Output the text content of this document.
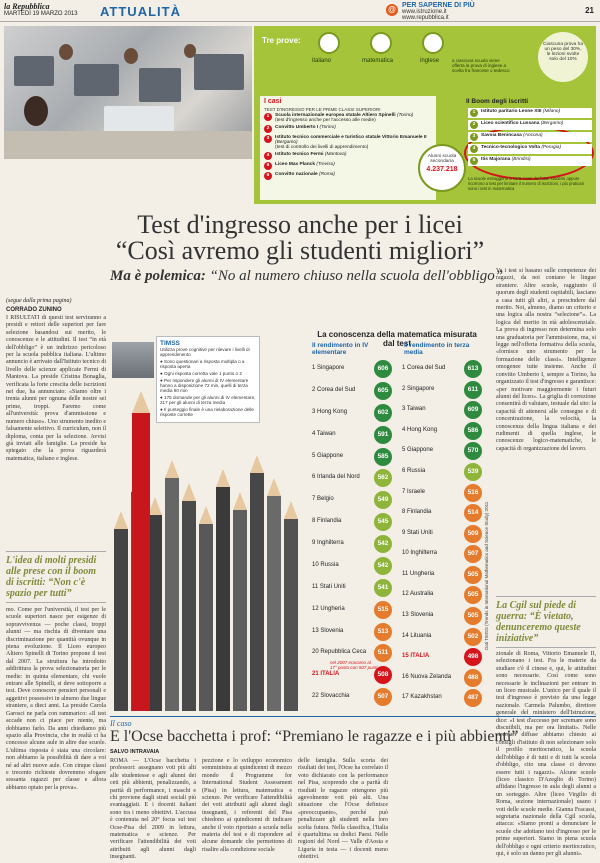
la Repubblica
MARTEDÌ 19 MARZO 2013 ATTUALITÀ	@ PER SAPERNE DI PIÙ
www.istruzione.it
www.repubblica.it
21
Tre prove:
italiano	matematica	inglese	a ciascuna scuola viene offerta la prova di inglese a scelta fra francese o tedesco
Ciascuna prova ha un peso del 30%, le lezioni svolte solo del 10%
I casi
TEST D'INGRESSO PER LE PRIME CLASSI SUPERIORI
1	Scuola internazionale europea statale Altiero Spinelli (Torino)
(test d'ingresso anche per l'accesso alle medie)
2	Convitto Umberto I (Torino)
3	Istituto tecnico commerciale e turistico statale Vittorio Emanuele II (Bergamo)
(test di controllo dei livelli di apprendimento)
4	Istituto tecnico Fermi (Mantova)
5	Liceo Max Planck (Treviso)
6	Convitto nazionale (Roma)
Il Boom degli iscritti
1	Istituto paritario Leone XIII (Milano)
2	Liceo scientifico Lussana (Bergamo)
3	Savoia Benincasa (Ancona)
4	Tecnico-tecnologico Volta (Perugia)
5	Itis Majorana (Brindisi)
La scuole estraggono a sorte nomi dei futuri studenti oppure ricorrono a test per limitare il numero di iscrizioni, i più praticati sono i test in matematica
Alunni scuola secondaria
4.237.218
Test d'ingresso anche per i licei
“Così avremo gli studenti migliori”
Ma è polemica: “No al numero chiuso nella scuola dell'obbligo”
(segue dalla prima pagina)
CORRADO ZUNINO
I RISULTATI di questi test serviranno a presidi e rettori delle superiori per fare selezione basandosi sui merito, le conoscenze e le attitudini. Il test “in età dell'obbligo” è un indirizzo pericoloso per la scuola pubblica italiana. L'ultimo annuncio è arrivato dall'Istituto tecnico di livello delle scienze applicate Fermi di Mantova. La preside Cristina Bonaglia, verificata la forte crescita delle iscrizioni nei due, ha annunciato: «Siamo oltre i trenta alunni per ognuna delle nostre sei prime, troppi. Faremo come all'università: prova d'ammissione e numero chiuso». Uno strumento inedito e falsamente selettivo. Il curriculum, non il diploma, conta per la selezione. Avvisi già inviati alle famiglie. La preside ha spiegato che la prova riguarderà matematica, italiano e inglese.
L'idea di molti presidi alle prese con il boom di iscritti: “Non c'è spazio per tutti”
mo. Come per l'università, il test per le scuole superiori nasce per esigenze di sopravvivenza — poche classi, troppi alunni — ma rischia di diventare una discriminazione per quantità ovunque in piena evoluzione. Il Liceo europeo Altiero Spinelli di Torino propone il test dal 2007. La struttura ha introdotto addirittura la prova selezionatoria per le medie: in quinta elementare, chi vuole entrare alle Spinelli, si deve sottoporre a test. Deve conoscere pensieri personali e aggettivi possessivi in almeno due lingue straniere, a dieci anni. La preside Carola Garosci ne parla con rammarico: «Il test accade non ci piace per niente, ma dobbiamo farlo. Da anni chiediamo più spazio alla Provincia, che in realtà ci ha concesso alcune aule in altre due scuole. L'ultima risposta è stata una circolare: non abbiamo la possibilità di dare a voi né ad altri nuove aule. Con cinque classi e trecento richieste dovremmo sfogare sessanta ragazzi per classe e allora abbiamo optato per la prova».
TIMSS
Utilizza prove cognitive per rilevare i livelli di apprendimento
● Sono questionari a risposta multipla o a risposta aperta
● Ogni risposta corretta vale 1 punto o 2
● Per rispondere gli alunni di IV elementare hanno a disposizione 72 min, quelli di terza media 90 min
● 175 domande per gli alunni di IV elementare, 217 per gli alunni di terza media
● Il punteggio finale è una rielaborazione delle risposte corrette
La conoscenza della matematica misurata dal test
Il rendimento in IV elementare
Il rendimento in terza media
1 Singapore	606
2 Corea del Sud	605
3 Hong Kong	602
4 Taiwan	591
5 Giappone	585
6 Irlanda del Nord	562
7 Belgio	549
8 Finlandia	545
9 Inghilterra	542
10 Russia	542
11 Stati Uniti	541
12 Ungheria	515
13 Slovenia	513
20 Repubblica Ceca	511
21 ITALIA	508
22 Slovacchia	507
1 Corea del Sud	613
2 Singapore	611
3 Taiwan	609
4 Hong Kong	586
5 Giappone	570
6 Russia	539
7 Israele	516
8 Finlandia	514
9 Stati Uniti	509
10 Inghilterra	507
11 Ungheria	505
12 Australia	505
13 Slovenia	505
14 Lituania	502
15 ITALIA	498
16 Nuova Zelanda	488
17 Kazakhstan	487
nel 2007 eravamo al 17° posto con 507 punti
Dati TIMSS (Trends in International Mathematics and Science Study) 2011
Ve i test si basano sulle competenze dei ragazzi, da noi contano le lingue straniere. Altre scuole, raggiunto il quorum degli studenti ospitabili, lasciano a casa tutti gli altri, a prescindere dal merito. Noi, almeno, diamo un criterio e una logica alla nostra “selezione”». La logica del merito in età adolescenziale. La prova di ingresso non determina solo una graduatoria per l'ammissione, ma, si legge nell'offerta formativa della scuola, «fornisce uno strumento per la formazione delle classi». Intelligenze omogenee tutte insieme. Anche il convitto Umberto I, sempre a Torino, ha organizzato il test d'ingresso e garantisce: «per motivare maggiormente i futuri alunni del liceo». La griglia di correzione consentirà di valutare, testuale dal sito: la capacità di attenersi alle consegne e di concentrazione, la velocità, la conoscenza della lingua italiana e dei rudimenti di quella inglese, le conoscenze logico-matematiche, le capacità di organizzazione del lavoro.
La Cgil sul piede di guerra: “È vietato, denunceremo queste iniziative”
zionale di Roma, Vittorio Emanuele II, selezionano i test. Fra le materie da studiare c'è il cinese e, qui, le attitudini sono necessarie. Così come sono necessarie le inclinazioni per entrare in un liceo musicale. L'unico per il quale il test d'ingresso è previsto da una legge nazionale. Carmela Palumbo, direttore generale del ministero dell'Istruzione, dice: «I test d'accesso per scremare sono discutibili, ma per ora limitati». Nelle circolari diffuse abbiamo chiesto ai consigli d'istituto di non selezionare solo il profilo meritocratico, la scuola dell'obbligo è di tutti e di tutti la scuola d'obbligo, cito una classe ci devono essere tutti i ragazzi». Alcune scuole (liceo classico D'Azeglio di Torino) affidano l'ingresso in aula degli alunni a un sorteggio. Altre (liceo Virgilio di Roma, sezione internazionale) usano i voti delle scuole medie. Gianna Fracassi, segretaria nazionale della Cgil scuola, attacca: «Siamo pronti a denunciare le scuole che adottano test d'ingresso per le prime superiori. Siamo in piena scuola dell'obbligo e ogni criterio meritocratico, qui, è solo un danno per gli alunni».
Il caso
E l'Ocse bacchetta i prof: “Premiano le ragazze e i più abbienti”
SALVO INTRAVAIA
ROMA — L'Ocse bacchetta i professori: assegnano voti più alti alle studentesse e agli alunni dei ceti più abbienti, penalizzando, a parità di performance, i maschi e chi proviene dagli strati sociali più svantaggiati. E i docenti italiani sono tra i meno obiettivi. L'accusa è contenuta nel 20° focus sui test Ocse-Pisa del 2009 in lettura, matematica e scienze. Per verificare l'attendibilità dei voti attribuiti agli alunni dagli insegnanti.
pezzione e lo sviluppo economico somministra ai quindicenni di mezzo mondo il Programme for International Student Assessment (Pisa) in lettura, matematica e scienze. Per verificare l'attendibilità dei voti attribuiti agli alunni dagli insegnanti, i referenti del Pisa chiedono ai quindicenni di indicare anche il voto riportato a scuola nella materia del test e di rispondere ad alcune domande che permettono di risalire alla condizione sociale
delle famiglia. Sulla scorta dei risultati dei test, l'Ocse ha correlato il voto dichiarato con la performance nel Pisa, scoprendo che a parità di risultati le ragazze ottengono più agevolmente voti più alti. Una situazione che l'Ocse definisce «preoccupante», perché può penalizzare gli studenti nella loro scelta futura. Nella classifica, l'Italia è quartultima su dodici Paesi. Nelle regioni del Nord — Valle d'Aosta e Liguria in testa — i docenti meno obiettivi.
